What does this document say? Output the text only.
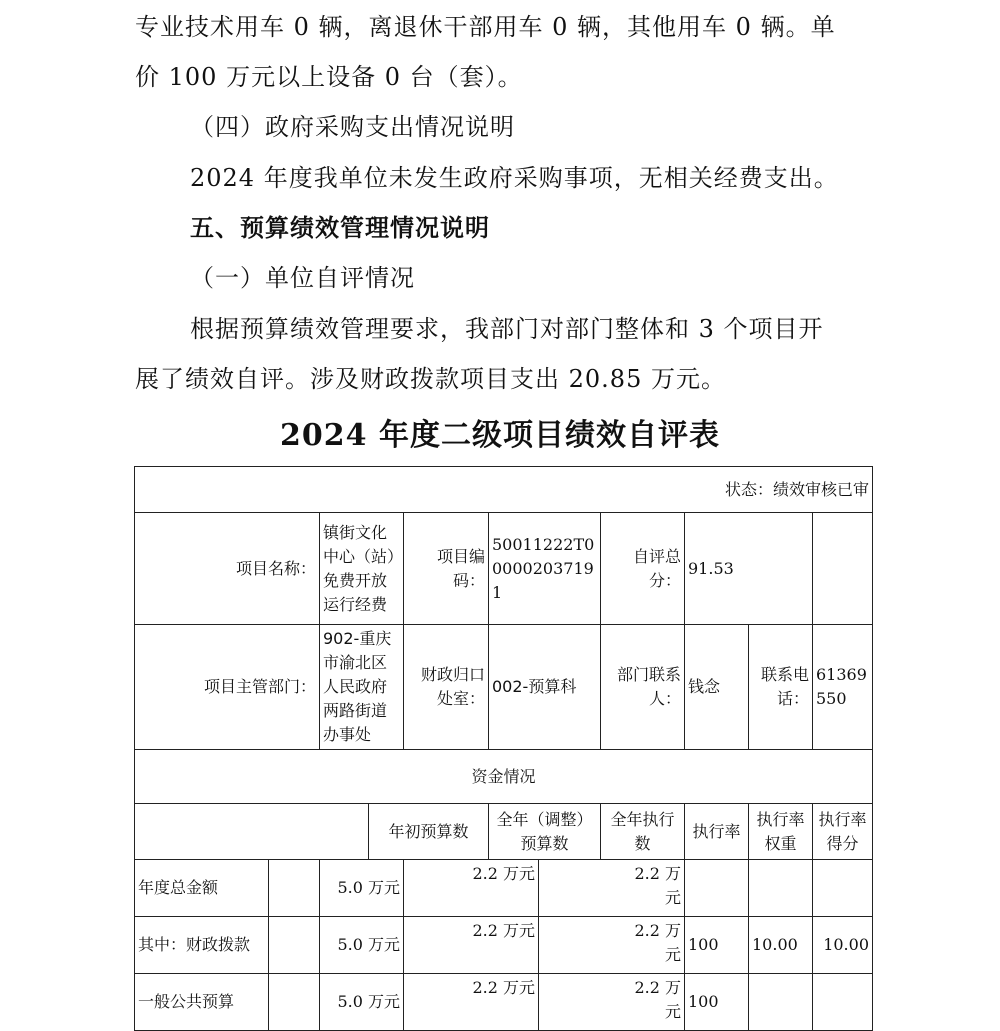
专业技术用车 0 辆，离退休干部用车 0 辆，其他用车 0 辆。单
价 100 万元以上设备 0 台（套）。
（四）政府采购支出情况说明
2024 年度我单位未发生政府采购事项，无相关经费支出。
五、预算绩效管理情况说明
（一）单位自评情况
根据预算绩效管理要求，我部门对部门整体和 3 个项目开
展了绩效自评。涉及财政拨款项目支出 20.85 万元。
2024 年度二级项目绩效自评表
状态：绩效审核已审										
项目名称：		镇街文化中心（站）免费开放运行经费		项目编码：	50011222T000002037191		自评总分：	91.53		
项目主管部门：		902-重庆市渝北区人民政府两路街道办事处		财政归口处室：	002-预算科		部门联系人：	钱念	联系电话：	61369550
资金情况										
			年初预算数		全年（调整）预算数		全年执行数	执行率	执行率权重	执行率得分
年度总金额		5.0 万元		2.2 万元		2.2 万元				
其中：财政拨款		5.0 万元		2.2 万元		2.2 万元		100	10.00	10.00
一般公共预算		5.0 万元		2.2 万元		2.2 万元		100		
